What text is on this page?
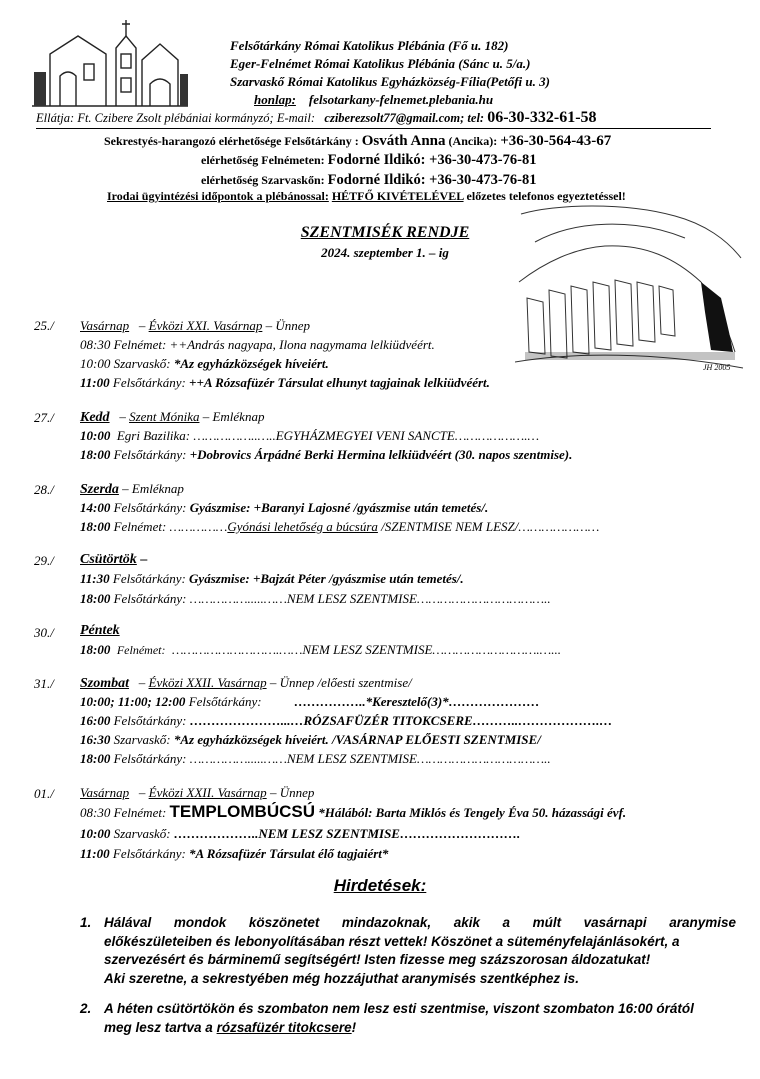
Felsőtárkány Római Katolikus Plébánia (Fő u. 182)
Eger-Felnémet Római Katolikus Plébánia (Sánc u. 5/a.)
Szarvaskő Római Katolikus Egyházközség-Fília(Petőfi u. 3)
honlap: felsotarkany-felnemet.plebania.hu
Ellátja: Ft. Czibere Zsolt plébániai kormányzó; E-mail: cziberezsolt77@gmail.com; tel: 06-30-332-61-58
Sekrestyés-harangozó elérhetősége Felsőtárkány : Osváth Anna (Ancika): +36-30-564-43-67
elérhetőség Felnémeten: Fodorné Ildikó: +36-30-473-76-81
elérhetőség Szarvaskőn: Fodorné Ildikó: +36-30-473-76-81
Irodai ügyintézési időpontok a plébánossal: HÉTFŐ KIVÉTELÉVEL előzetes telefonos egyeztetéssel!
SZENTMISÉK RENDJE
2024. szeptember 1. – ig
JH 2005
25./ Vasárnap   – Évközi XXI. Vasárnap – Ünnep
08:30 Felnémet: ++András nagyapa, Ilona nagymama lelkiüdvéért.
10:00 Szarvaskő: *Az egyházközségek híveiért.
11:00 Felsőtárkány: ++A Rózsafüzér Társulat elhunyt tagjainak lelkiüdvéért.
27./ Kedd   – Szent Mónika – Emléknap
10:00 Egri Bazilika: ……………..…..EGYHÁZMEGYEI VENI SANCTE……………….…
18:00 Felsőtárkány: +Dobrovics Árpádné Berki Hermina lelkiüdvéért (30. napos szentmise).
28./ Szerda – Emléknap
14:00 Felsőtárkány: Gyászmise: +Baranyi Lajosné /gyászmise után temetés/.
18:00 Felnémet: ……………Gyónási lehetőség a búcsúra /SZENTMISE NEM LESZ/…………………
29./ Csütörtök –
11:30 Felsőtárkány: Gyászmise: +Bajzát Péter /gyászmise után temetés/.
18:00 Felsőtárkány: …………….....……NEM LESZ SZENTMISE……………………………..
30./ Péntek
18:00 Felnémet: ……………………….……NEM LESZ SZENTMISE……………………….…...
31./ Szombat   – Évközi XXII. Vasárnap – Ünnep /előesti szentmise/
10:00; 11:00; 12:00 Felsőtárkány:	……………..*Keresztelő(3)*…………………
16:00 Felsőtárkány: …………………...…RÓZSAFÜZÉR TITOKCSERE………..……………….…
16:30 Szarvaskő: *Az egyházközségek híveiért. /VASÁRNAP ELŐESTI SZENTMISE/
18:00 Felsőtárkány: …………….....……NEM LESZ SZENTMISE……………………………..
01./ Vasárnap   – Évközi XXII. Vasárnap – Ünnep
08:30 Felnémet: TEMPLOMBÚCSÚ *Hálából: Barta Miklós és Tengely Éva 50. házassági évf.
10:00 Szarvaskő: ………………..NEM LESZ SZENTMISE……………………….
11:00 Felsőtárkány: *A Rózsafüzér Társulat élő tagjaiért*
Hirdetések:
1. Hálával mondok köszönetet mindazoknak, akik a múlt vasárnapi aranymise
előkészületeiben és lebonyolításában részt vettek! Köszönet a süteményfelajánlásokért, a
szervezésért és bárminemű segítségért! Isten fizesse meg százszorosan áldozatukat!
Aki szeretne, a sekrestyében még hozzájuthat aranymisés szentképhez is.
2. A héten csütörtökön és szombaton nem lesz esti szentmise, viszont szombaton 16:00 órától
meg lesz tartva a rózsafüzér titokcsere!
